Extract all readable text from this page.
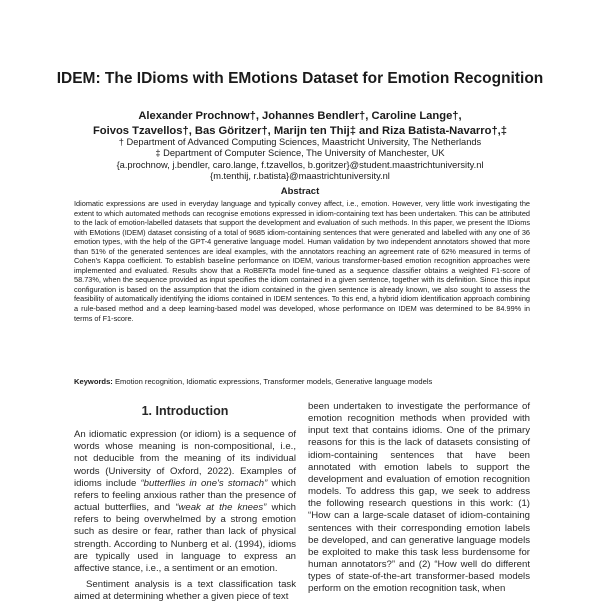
IDEM: The IDioms with EMotions Dataset for Emotion Recognition
Alexander Prochnow†, Johannes Bendler†, Caroline Lange†,
Foivos Tzavellos†, Bas Göritzer†, Marijn ten Thij‡ and Riza Batista-Navarro†,‡
† Department of Advanced Computing Sciences, Maastricht University, The Netherlands
‡ Department of Computer Science, The University of Manchester, UK
{a.prochnow, j.bendler, caro.lange, f.tzavellos, b.goritzer}@student.maastrichtuniversity.nl
{m.tenthij, r.batista}@maastrichtuniversity.nl
Abstract

Idiomatic expressions are used in everyday language and typically convey affect, i.e., emotion. However, very little work investigating the extent to which automated methods can recognise emotions expressed in idiom-containing text has been undertaken. This can be attributed to the lack of emotion-labelled datasets that support the development and evaluation of such methods. In this paper, we present the IDioms with EMotions (IDEM) dataset consisting of a total of 9685 idiom-containing sentences that were generated and labelled with any one of 36 emotion types, with the help of the GPT-4 generative language model. Human validation by two independent annotators showed that more than 51% of the generated sentences are ideal examples, with the annotators reaching an agreement rate of 62% measured in terms of Cohen's Kappa coefficient. To establish baseline performance on IDEM, various transformer-based emotion recognition approaches were implemented and evaluated. Results show that a RoBERTa model fine-tuned as a sequence classifier obtains a weighted F1-score of 58.73%, when the sequence provided as input specifies the idiom contained in a given sentence, together with its definition. Since this input configuration is based on the assumption that the idiom contained in the given sentence is already known, we also sought to assess the feasibility of automatically identifying the idioms contained in IDEM sentences. To this end, a hybrid idiom identification approach combining a rule-based method and a deep learning-based model was developed, whose performance on IDEM was determined to be 84.99% in terms of F1-score.

Keywords: Emotion recognition, Idiomatic expressions, Transformer models, Generative language models

1. Introduction

An idiomatic expression (or idiom) is a sequence of words whose meaning is non-compositional, i.e., not deducible from the meaning of its individual words (University of Oxford, 2022). Examples of idioms include “butterflies in one's stomach” which refers to feeling anxious rather than the presence of actual butterflies, and “weak at the knees” which refers to being overwhelmed by a strong emotion such as desire or fear, rather than lack of physical strength. According to Nunberg et al. (1994), idioms are typically used in language to express an affective stance, i.e., a sentiment or an emotion.

Sentiment analysis is a text classification task aimed at determining whether a given piece of text

been undertaken to investigate the performance of emotion recognition methods when provided with input text that contains idioms. One of the primary reasons for this is the lack of datasets consisting of idiom-containing sentences that have been annotated with emotion labels to support the development and evaluation of emotion recognition models. To address this gap, we seek to address the following research questions in this work: (1) “How can a large-scale dataset of idiom-containing sentences with their corresponding emotion labels be developed, and can generative language models be exploited to make this task less burdensome for human annotators?” and (2) “How well do different types of state-of-the-art transformer-based models perform on the emotion recognition task, when
